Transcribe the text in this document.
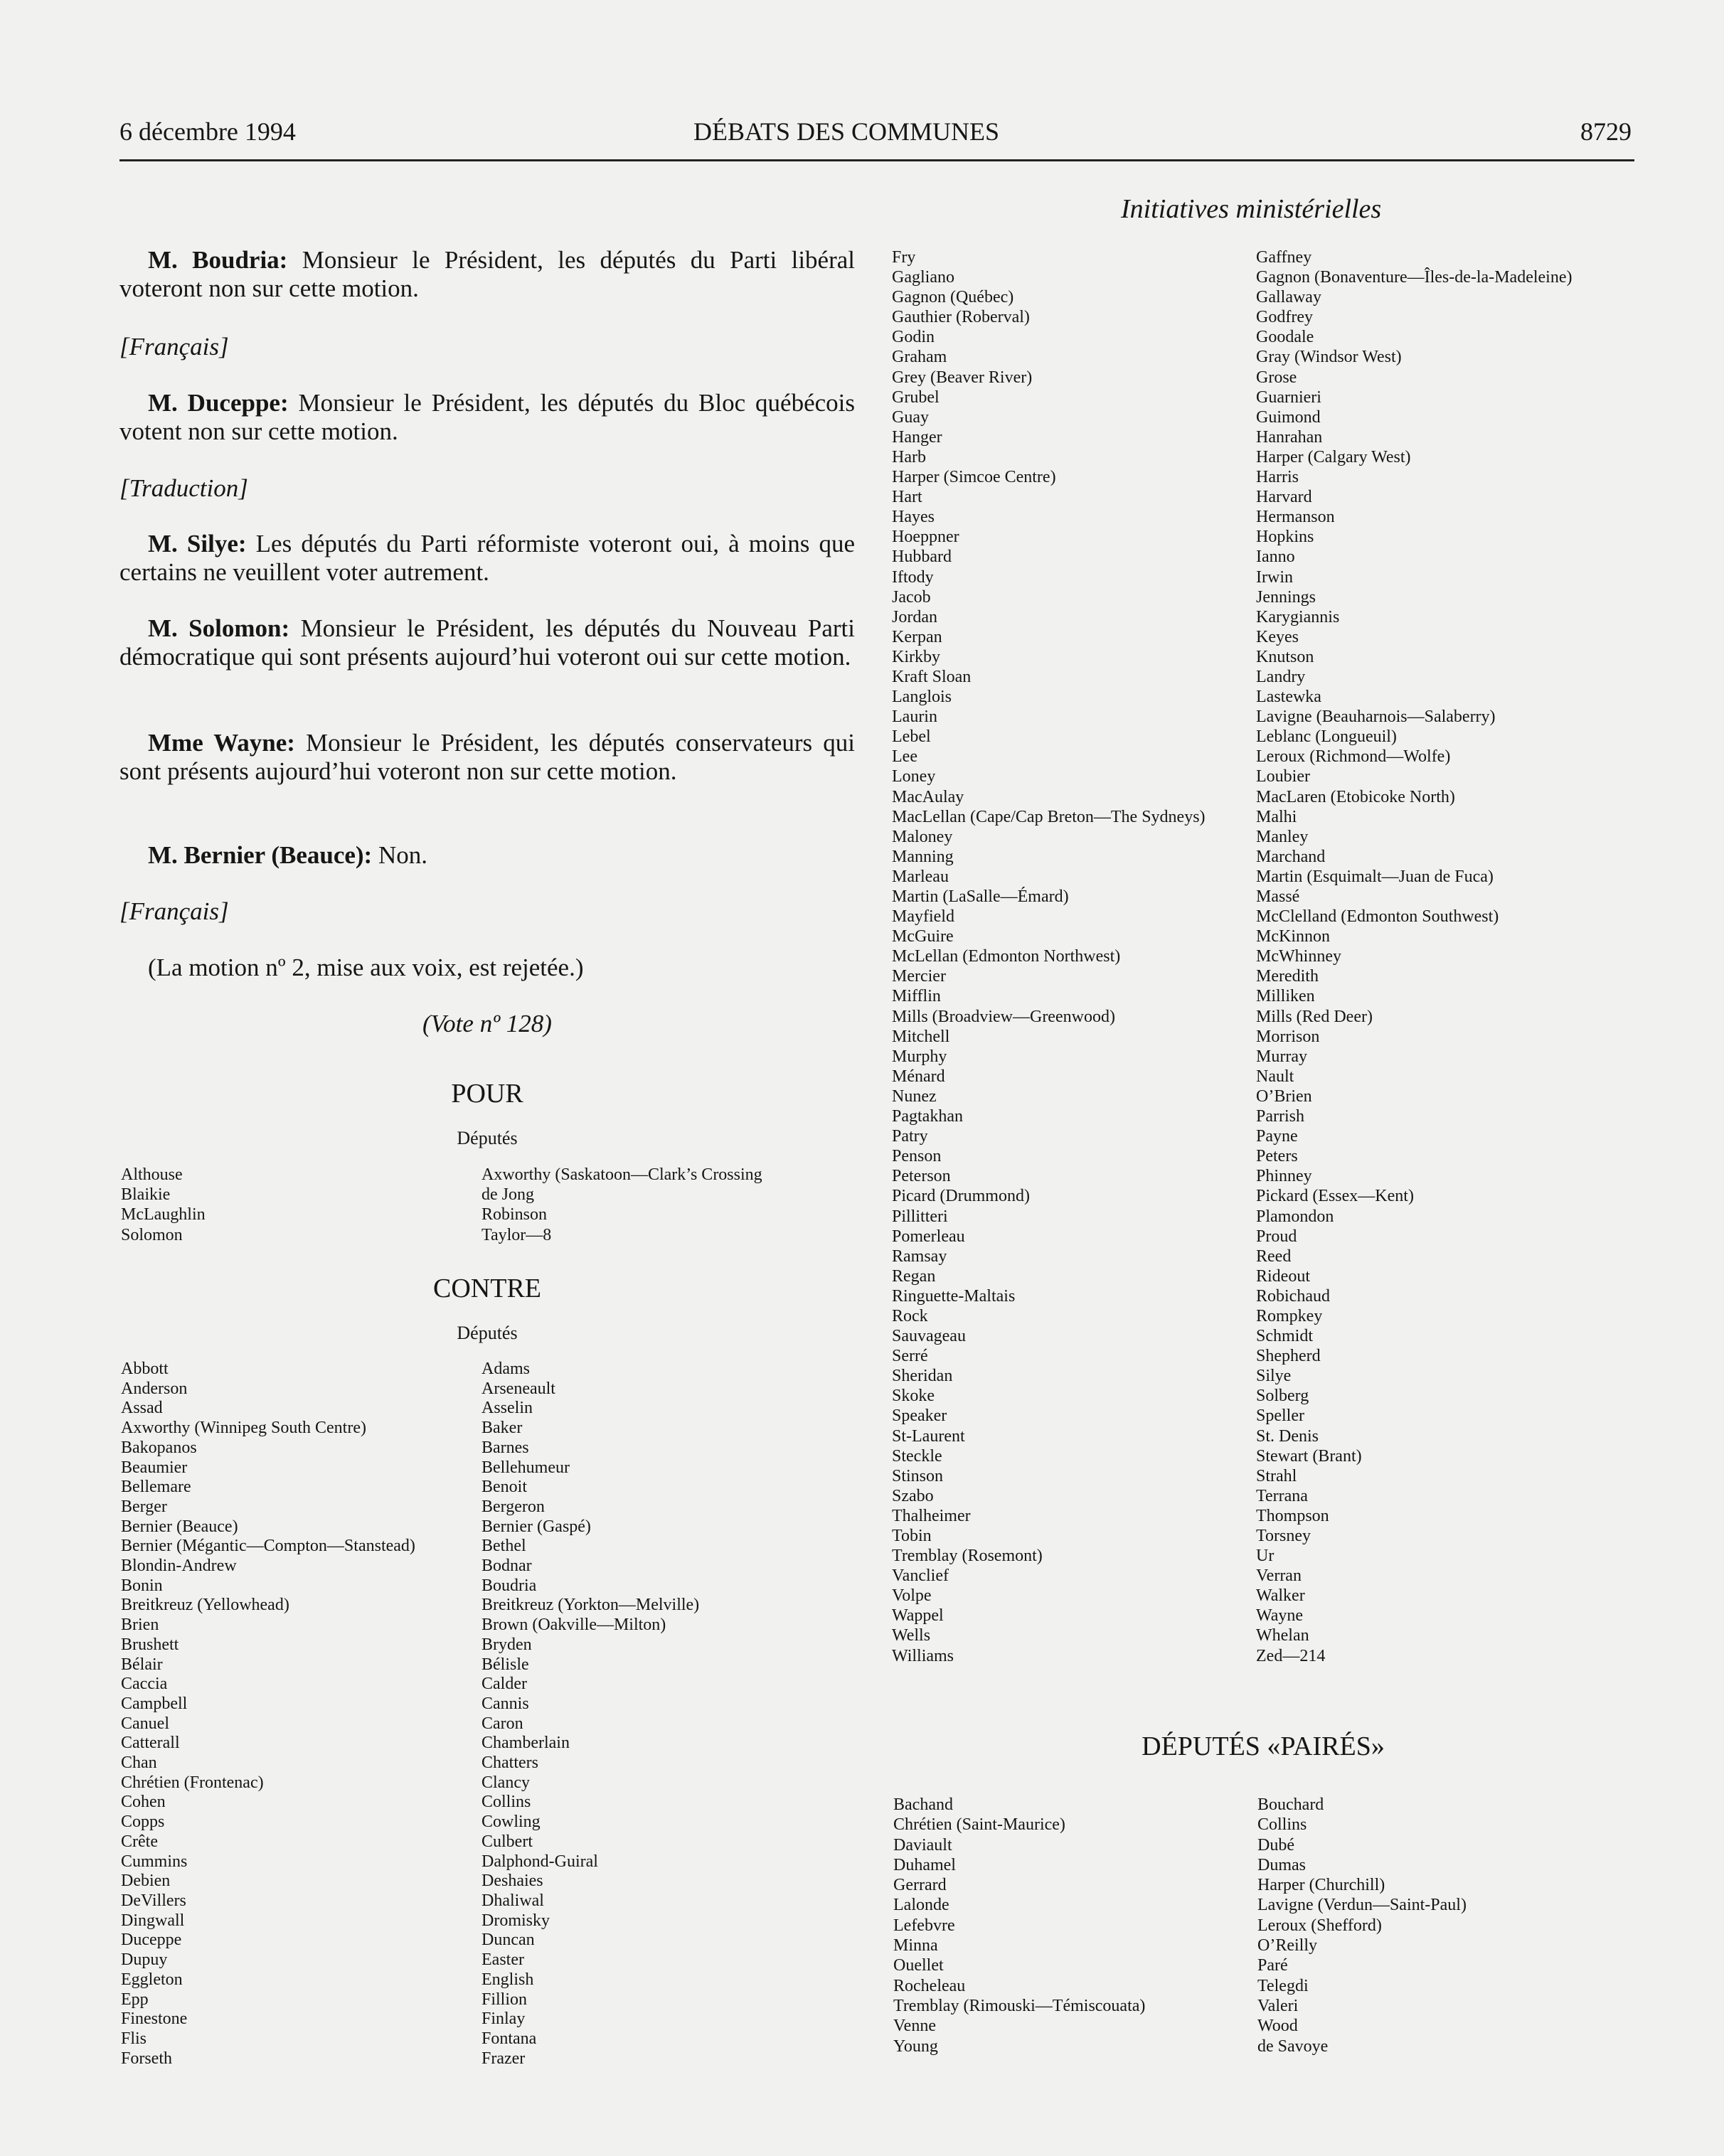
6 décembre 1994	DÉBATS DES COMMUNES	8729
Initiatives ministérielles
M. Boudria: Monsieur le Président, les députés du Parti libéral voteront non sur cette motion.
[Français]
M. Duceppe: Monsieur le Président, les députés du Bloc québécois votent non sur cette motion.
[Traduction]
M. Silye: Les députés du Parti réformiste voteront oui, à moins que certains ne veuillent voter autrement.
M. Solomon: Monsieur le Président, les députés du Nouveau Parti démocratique qui sont présents aujourd’hui voteront oui sur cette motion.
Mme Wayne: Monsieur le Président, les députés conservateurs qui sont présents aujourd’hui voteront non sur cette motion.
M. Bernier (Beauce): Non.
[Français]
(La motion nº 2, mise aux voix, est rejetée.)
(Vote nº 128)
POUR
Députés
Althouse
Blaikie
McLaughlin
Solomon
Axworthy (Saskatoon—Clark’s Crossing
de Jong
Robinson
Taylor—8
CONTRE
Députés
Abbott
Anderson
Assad
Axworthy (Winnipeg South Centre)
Bakopanos
Beaumier
Bellemare
Berger
Bernier (Beauce)
Bernier (Mégantic—Compton—Stanstead)
Blondin-Andrew
Bonin
Breitkreuz (Yellowhead)
Brien
Brushett
Bélair
Caccia
Campbell
Canuel
Catterall
Chan
Chrétien (Frontenac)
Cohen
Copps
Crête
Cummins
Debien
DeVillers
Dingwall
Duceppe
Dupuy
Eggleton
Epp
Finestone
Flis
Forseth
Adams
Arseneault
Asselin
Baker
Barnes
Bellehumeur
Benoit
Bergeron
Bernier (Gaspé)
Bethel
Bodnar
Boudria
Breitkreuz (Yorkton—Melville)
Brown (Oakville—Milton)
Bryden
Bélisle
Calder
Cannis
Caron
Chamberlain
Chatters
Clancy
Collins
Cowling
Culbert
Dalphond-Guiral
Deshaies
Dhaliwal
Dromisky
Duncan
Easter
English
Fillion
Finlay
Fontana
Frazer
Fry
Gagliano
Gagnon (Québec)
Gauthier (Roberval)
Godin
Graham
Grey (Beaver River)
Grubel
Guay
Hanger
Harb
Harper (Simcoe Centre)
Hart
Hayes
Hoeppner
Hubbard
Iftody
Jacob
Jordan
Kerpan
Kirkby
Kraft Sloan
Langlois
Laurin
Lebel
Lee
Loney
MacAulay
MacLellan (Cape/Cap Breton—The Sydneys)
Maloney
Manning
Marleau
Martin (LaSalle—Émard)
Mayfield
McGuire
McLellan (Edmonton Northwest)
Mercier
Mifflin
Mills (Broadview—Greenwood)
Mitchell
Murphy
Ménard
Nunez
Pagtakhan
Patry
Penson
Peterson
Picard (Drummond)
Pillitteri
Pomerleau
Ramsay
Regan
Ringuette-Maltais
Rock
Sauvageau
Serré
Sheridan
Skoke
Speaker
St-Laurent
Steckle
Stinson
Szabo
Thalheimer
Tobin
Tremblay (Rosemont)
Vanclief
Volpe
Wappel
Wells
Williams
Gaffney
Gagnon (Bonaventure—Îles-de-la-Madeleine)
Gallaway
Godfrey
Goodale
Gray (Windsor West)
Grose
Guarnieri
Guimond
Hanrahan
Harper (Calgary West)
Harris
Harvard
Hermanson
Hopkins
Ianno
Irwin
Jennings
Karygiannis
Keyes
Knutson
Landry
Lastewka
Lavigne (Beauharnois—Salaberry)
Leblanc (Longueuil)
Leroux (Richmond—Wolfe)
Loubier
MacLaren (Etobicoke North)
Malhi
Manley
Marchand
Martin (Esquimalt—Juan de Fuca)
Massé
McClelland (Edmonton Southwest)
McKinnon
McWhinney
Meredith
Milliken
Mills (Red Deer)
Morrison
Murray
Nault
O’Brien
Parrish
Payne
Peters
Phinney
Pickard (Essex—Kent)
Plamondon
Proud
Reed
Rideout
Robichaud
Rompkey
Schmidt
Shepherd
Silye
Solberg
Speller
St. Denis
Stewart (Brant)
Strahl
Terrana
Thompson
Torsney
Ur
Verran
Walker
Wayne
Whelan
Zed—214
DÉPUTÉS «PAIRÉS»
Bachand
Chrétien (Saint-Maurice)
Daviault
Duhamel
Gerrard
Lalonde
Lefebvre
Minna
Ouellet
Rocheleau
Tremblay (Rimouski—Témiscouata)
Venne
Young
Bouchard
Collins
Dubé
Dumas
Harper (Churchill)
Lavigne (Verdun—Saint-Paul)
Leroux (Shefford)
O’Reilly
Paré
Telegdi
Valeri
Wood
de Savoye
